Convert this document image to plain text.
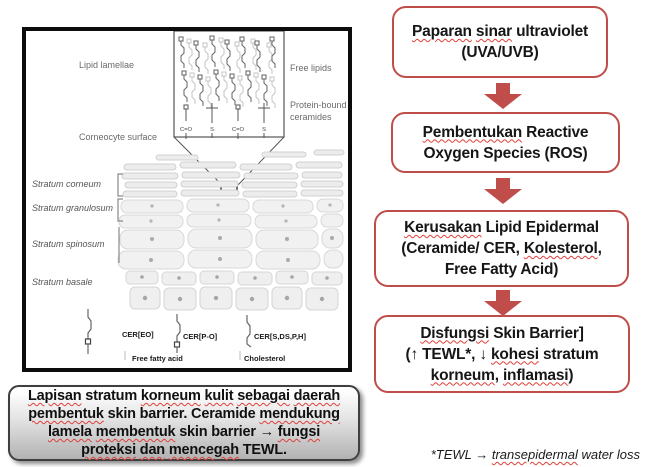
C=O	S	C=O	S
Lipid lamellae	Free lipids
Protein-bound
ceramides
Corneocyte surface
Stratum corneum
Stratum granulosum
Stratum spinosum
Stratum basale
CER[EO]	CER[P-O]	CER[S,DS,P,H]
Free fatty acid	Cholesterol
Lapisan stratum korneum kulit sebagai daerah
pembentuk skin barrier. Ceramide mendukung
lamela membentuk skin barrier → fungsi
proteksi dan mencegah TEWL.
Paparan sinar ultraviolet
(UVA/UVB)
Pembentukan Reactive
Oxygen Species (ROS)
Kerusakan Lipid Epidermal
(Ceramide/ CER, Kolesterol,
Free Fatty Acid)
Disfungsi Skin Barrier]
(↑ TEWL*, ↓ kohesi stratum
korneum, inflamasi)
*TEWL → transepidermal water loss
